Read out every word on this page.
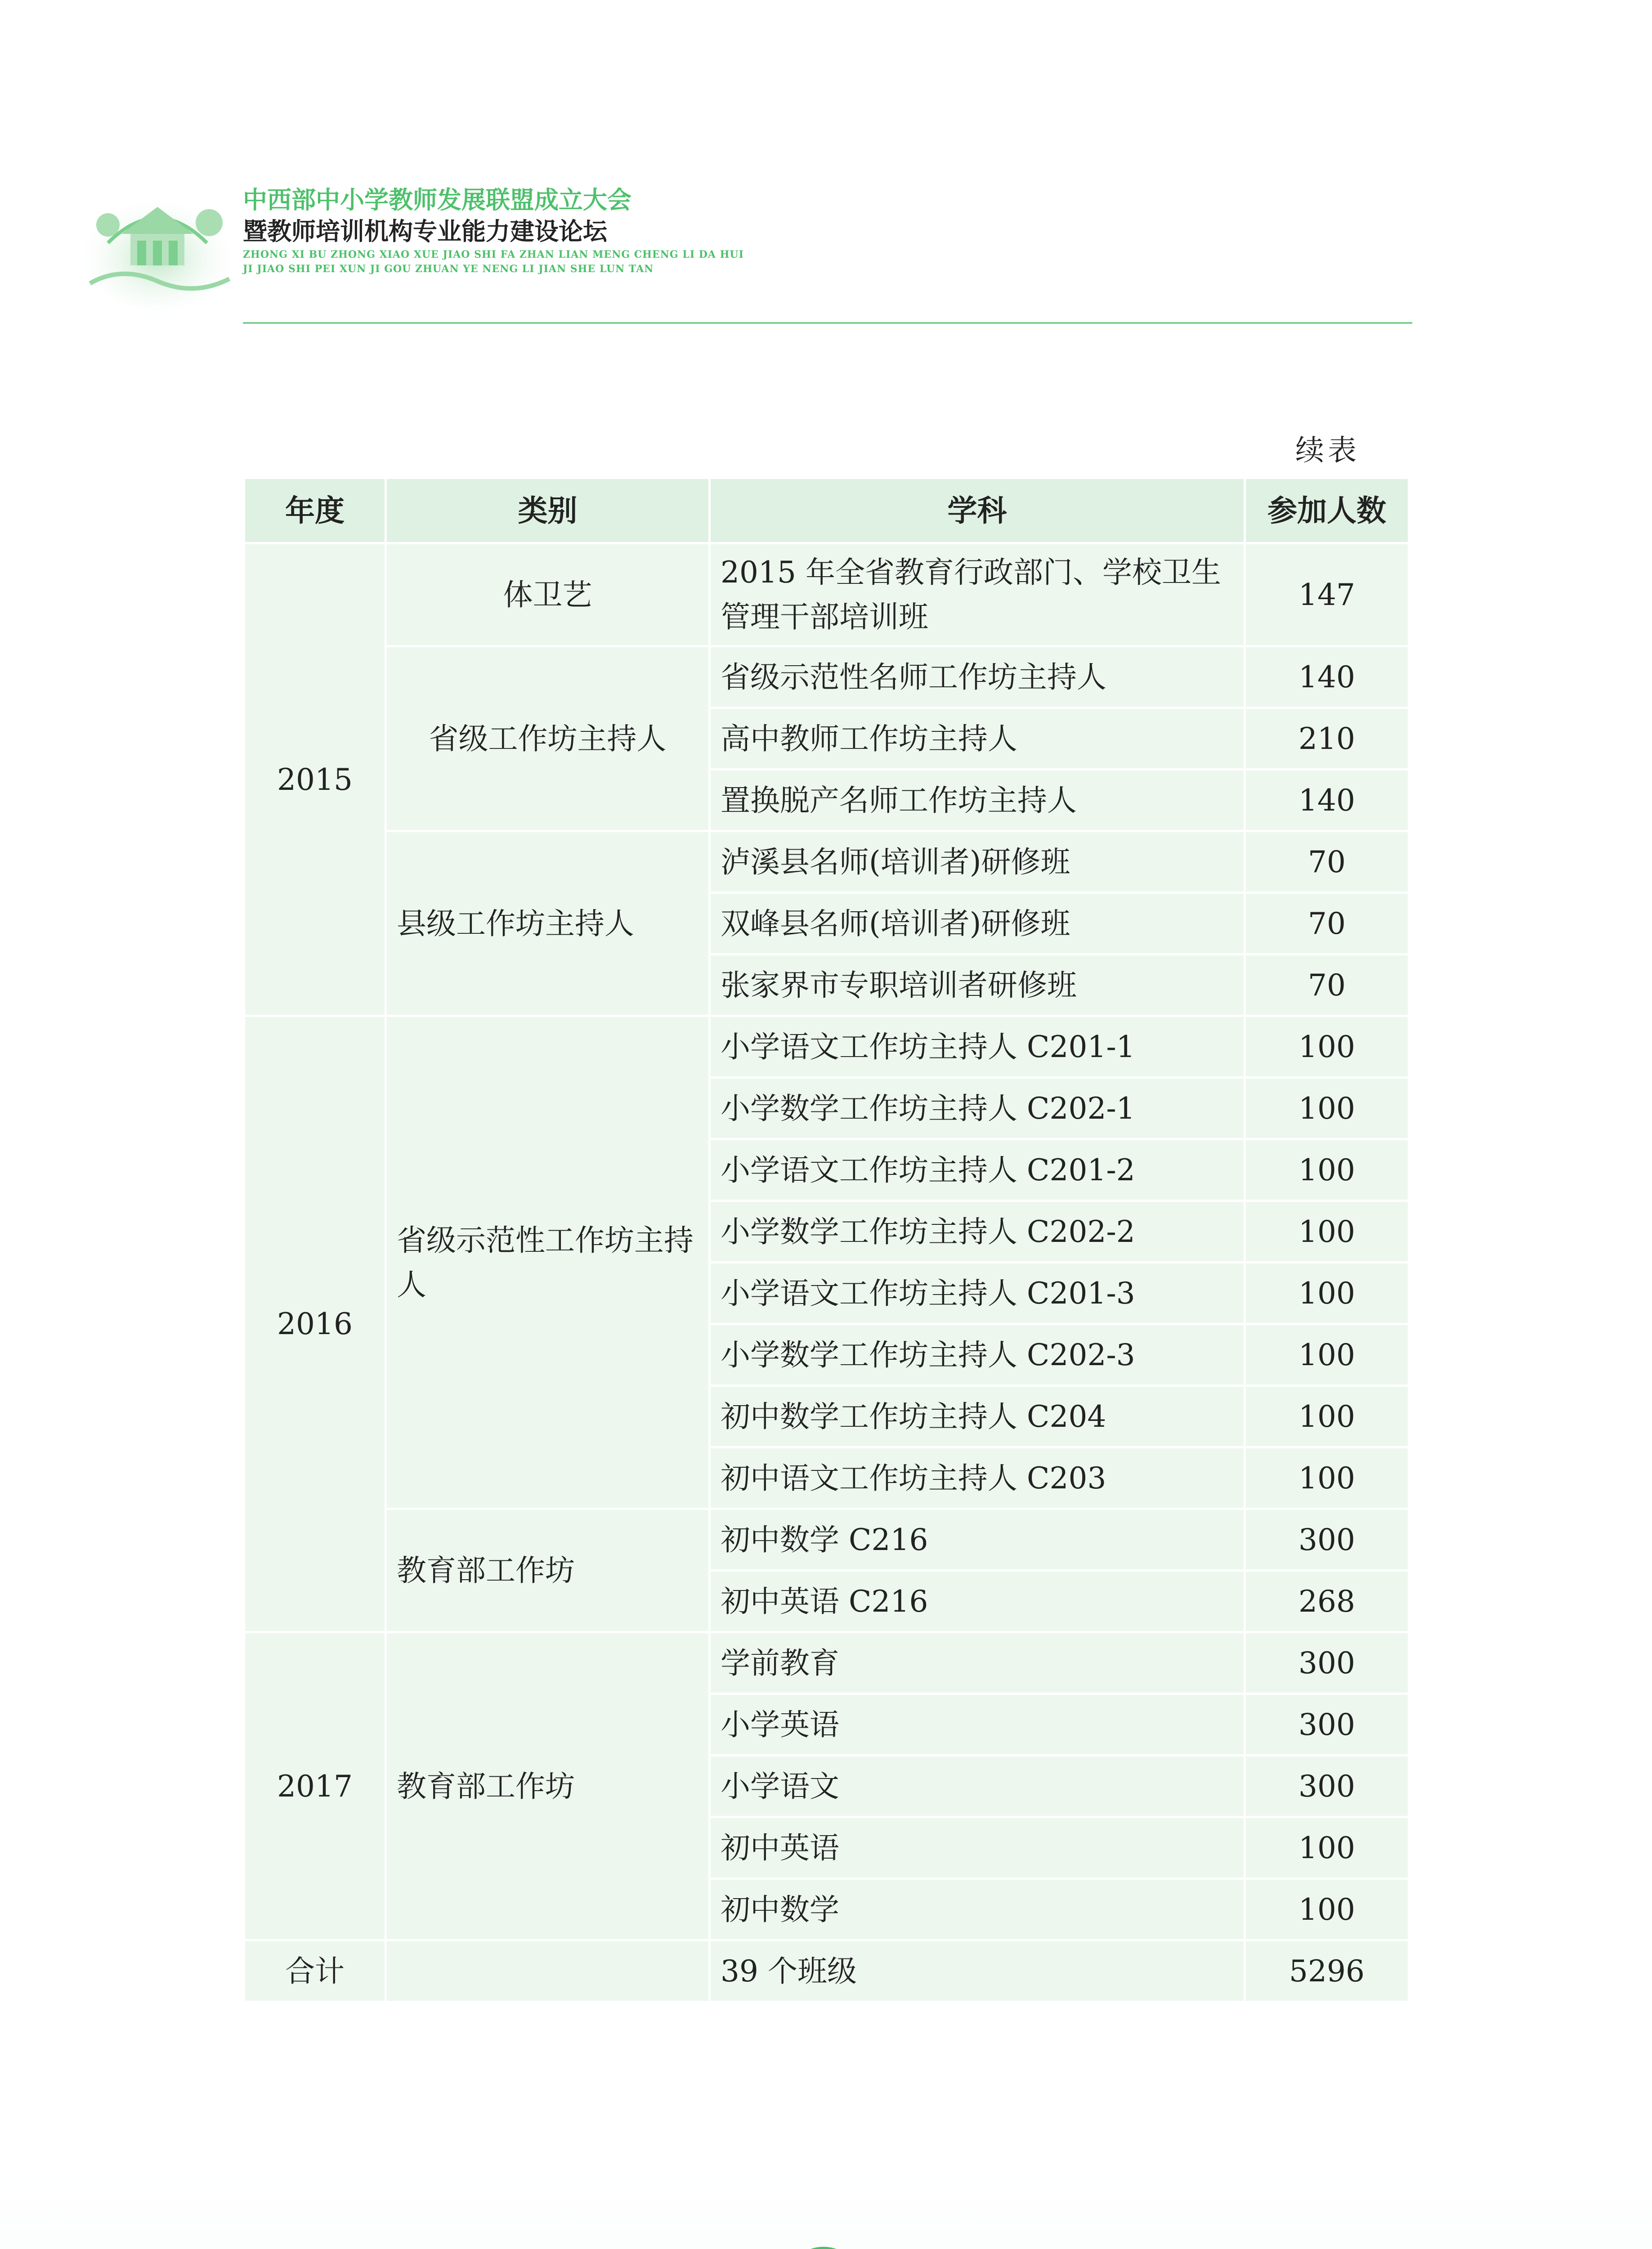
中西部中小学教师发展联盟成立大会
暨教师培训机构专业能力建设论坛
ZHONG XI BU ZHONG XIAO XUE JIAO SHI FA ZHAN LIAN MENG CHENG LI DA HUI
JI JIAO SHI PEI XUN JI GOU ZHUAN YE NENG LI JIAN SHE LUN TAN
续表
年度	类别	学科	参加人数
2015	体卫艺	2015 年全省教育行政部门、学校卫生管理干部培训班	147
	省级工作坊主持人	省级示范性名师工作坊主持人	140
		高中教师工作坊主持人	210
		置换脱产名师工作坊主持人	140
	县级工作坊主持人	泸溪县名师(培训者)研修班	70
		双峰县名师(培训者)研修班	70
		张家界市专职培训者研修班	70
2016	省级示范性工作坊主持人	小学语文工作坊主持人 C201-1	100
		小学数学工作坊主持人 C202-1	100
		小学语文工作坊主持人 C201-2	100
		小学数学工作坊主持人 C202-2	100
		小学语文工作坊主持人 C201-3	100
		小学数学工作坊主持人 C202-3	100
		初中数学工作坊主持人 C204	100
		初中语文工作坊主持人 C203	100
	教育部工作坊	初中数学 C216	300
		初中英语 C216	268
2017	教育部工作坊	学前教育	300
		小学英语	300
		小学语文	300
		初中英语	100
		初中数学	100
合计		39 个班级	5296
